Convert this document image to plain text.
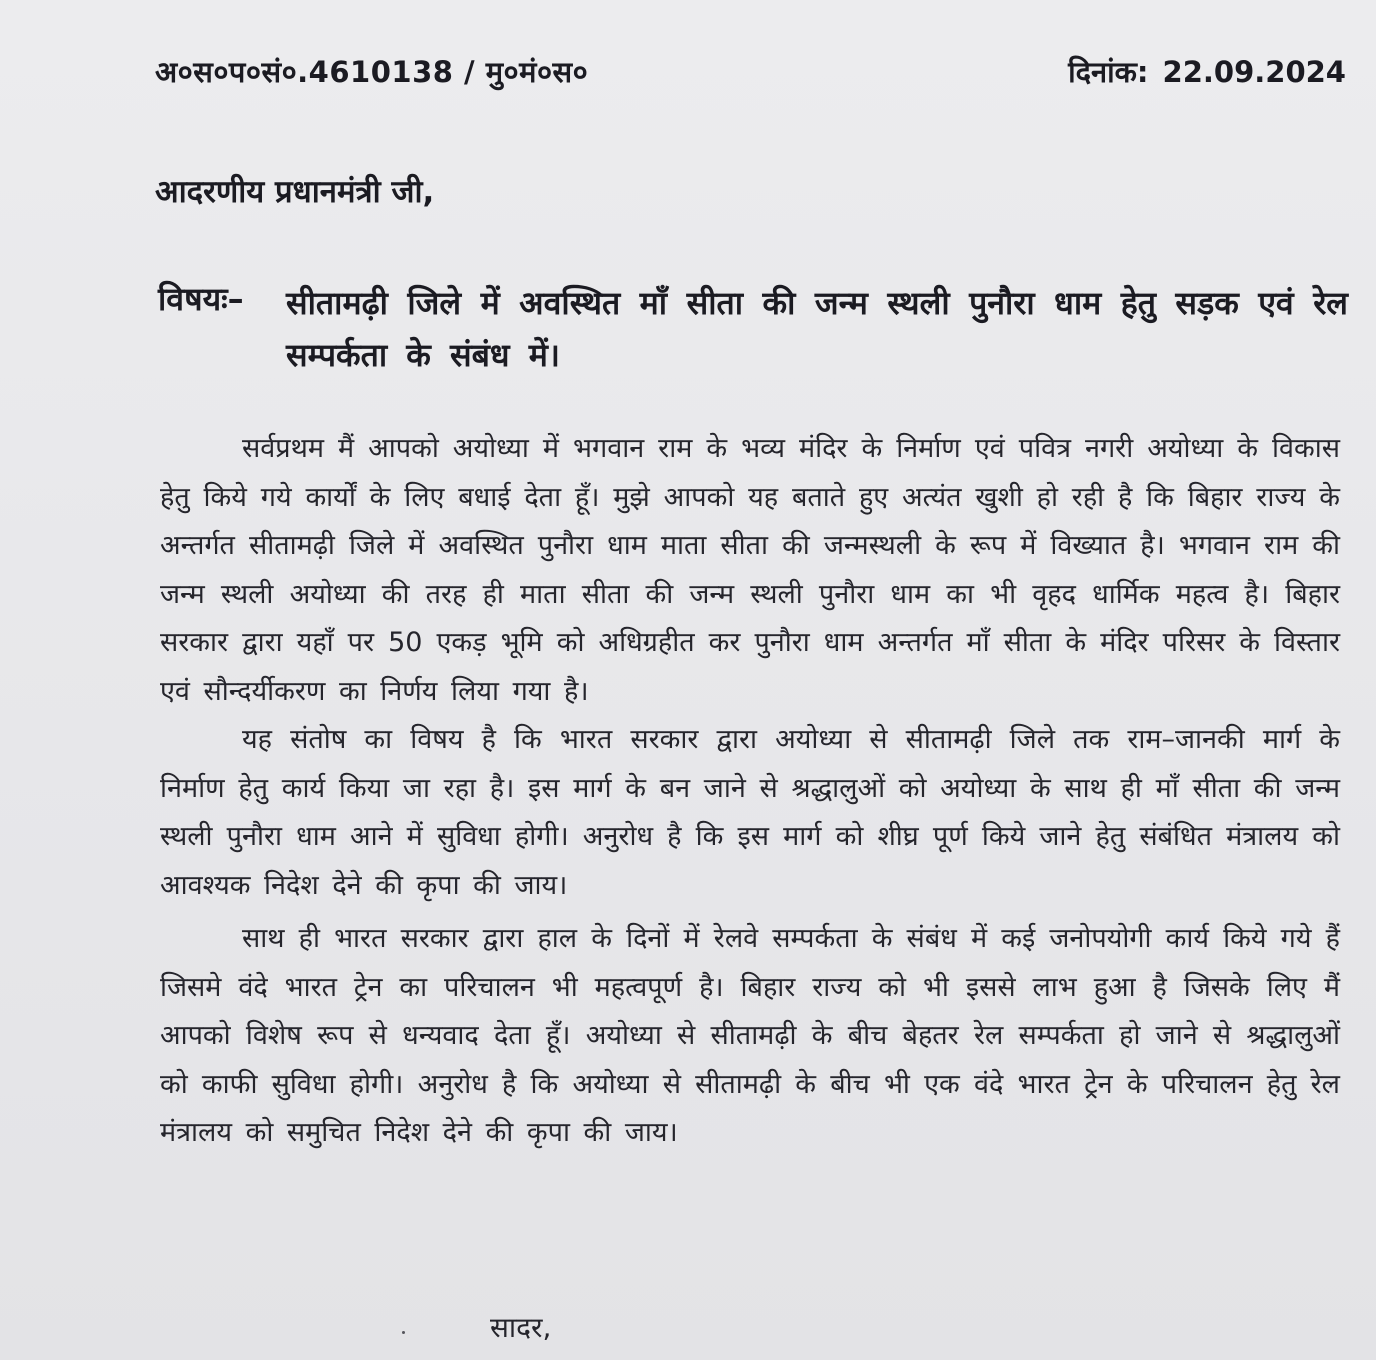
अ०स०प०सं०.4610138 / मु०मं०स०	दिनांक: 22.09.2024
आदरणीय प्रधानमंत्री जी,
विषयः– सीतामढ़ी जिले में अवस्थित माँ सीता की जन्म स्थली पुनौरा धाम हेतु सड़क एवं रेल सम्पर्कता के संबंध में।

सर्वप्रथम मैं आपको अयोध्या में भगवान राम के भव्य मंदिर के निर्माण एवं पवित्र नगरी अयोध्या के विकास हेतु किये गये कार्यों के लिए बधाई देता हूँ। मुझे आपको यह बताते हुए अत्यंत खुशी हो रही है कि बिहार राज्य के अन्तर्गत सीतामढ़ी जिले में अवस्थित पुनौरा धाम माता सीता की जन्मस्थली के रूप में विख्यात है। भगवान राम की जन्म स्थली अयोध्या की तरह ही माता सीता की जन्म स्थली पुनौरा धाम का भी वृहद धार्मिक महत्व है। बिहार सरकार द्वारा यहाँ पर 50 एकड़ भूमि को अधिग्रहीत कर पुनौरा धाम अन्तर्गत माँ सीता के मंदिर परिसर के विस्तार एवं सौन्दर्यीकरण का निर्णय लिया गया है।

यह संतोष का विषय है कि भारत सरकार द्वारा अयोध्या से सीतामढ़ी जिले तक राम–जानकी मार्ग के निर्माण हेतु कार्य किया जा रहा है। इस मार्ग के बन जाने से श्रद्धालुओं को अयोध्या के साथ ही माँ सीता की जन्म स्थली पुनौरा धाम आने में सुविधा होगी। अनुरोध है कि इस मार्ग को शीघ्र पूर्ण किये जाने हेतु संबंधित मंत्रालय को आवश्यक निदेश देने की कृपा की जाय।

साथ ही भारत सरकार द्वारा हाल के दिनों में रेलवे सम्पर्कता के संबंध में कई जनोपयोगी कार्य किये गये हैं जिसमे वंदे भारत ट्रेन का परिचालन भी महत्वपूर्ण है। बिहार राज्य को भी इससे लाभ हुआ है जिसके लिए मैं आपको विशेष रूप से धन्यवाद देता हूँ। अयोध्या से सीतामढ़ी के बीच बेहतर रेल सम्पर्कता हो जाने से श्रद्धालुओं को काफी सुविधा होगी। अनुरोध है कि अयोध्या से सीतामढ़ी के बीच भी एक वंदे भारत ट्रेन के परिचालन हेतु रेल मंत्रालय को समुचित निदेश देने की कृपा की जाय।

सादर,
